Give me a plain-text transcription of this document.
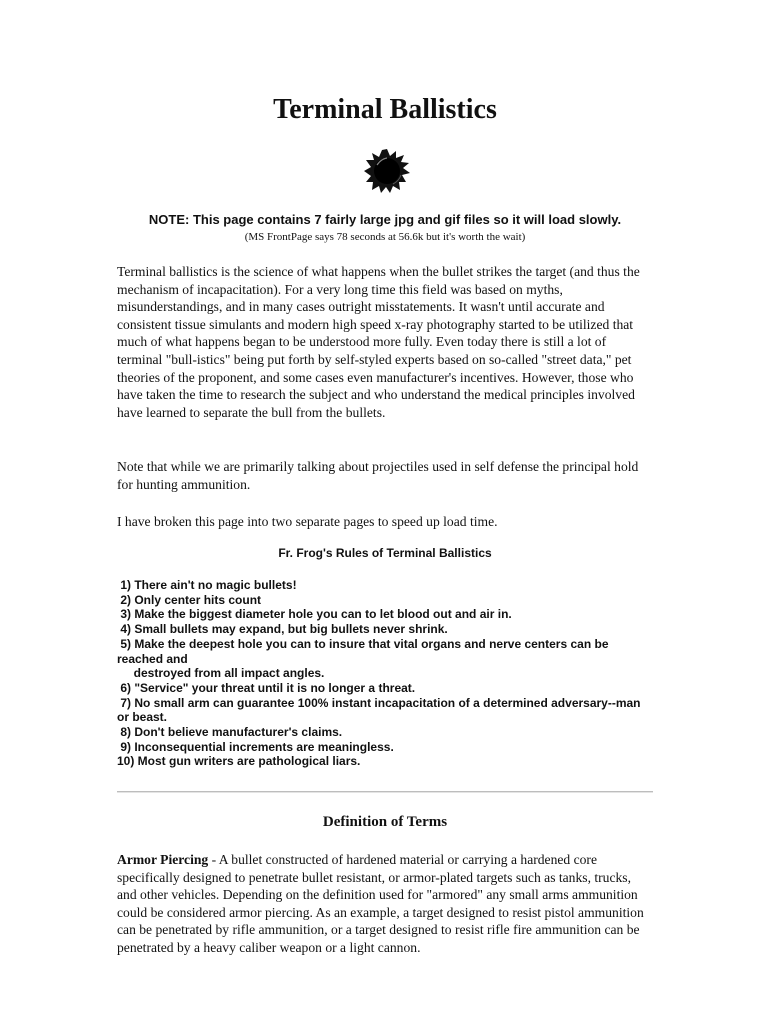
Terminal Ballistics
NOTE: This page contains 7 fairly large jpg and gif files so it will load slowly.
(MS FrontPage says 78 seconds at 56.6k but it's worth the wait)

Terminal ballistics is the science of what happens when the bullet strikes the target (and thus the mechanism of incapacitation). For a very long time this field was based on myths, misunderstandings, and in many cases outright misstatements. It wasn't until accurate and consistent tissue simulants and modern high speed x-ray photography started to be utilized that much of what happens began to be understood more fully. Even today there is still a lot of terminal "bull-istics" being put forth by self-styled experts based on so-called "street data," pet theories of the proponent, and some cases even manufacturer's incentives. However, those who have taken the time to research the subject and who understand the medical principles involved have learned to separate the bull from the bullets.

Note that while we are primarily talking about projectiles used in self defense the principal hold for hunting ammunition.

I have broken this page into two separate pages to speed up load time.

Fr. Frog's Rules of Terminal Ballistics
1) There ain't no magic bullets!
2) Only center hits count
3) Make the biggest diameter hole you can to let blood out and air in.
4) Small bullets may expand, but big bullets never shrink.
5) Make the deepest hole you can to insure that vital organs and nerve centers can be reached and
destroyed from all impact angles.
6) "Service" your threat until it is no longer a threat.
7) No small arm can guarantee 100% instant incapacitation of a determined adversary--man or beast.
8) Don't believe manufacturer's claims.
9) Inconsequential increments are meaningless.
10) Most gun writers are pathological liars.
Definition of Terms

Armor Piercing - A bullet constructed of hardened material or carrying a hardened core specifically designed to penetrate bullet resistant, or armor-plated targets such as tanks, trucks, and other vehicles. Depending on the definition used for "armored" any small arms ammunition could be considered armor piercing. As an example, a target designed to resist pistol ammunition can be penetrated by rifle ammunition, or a target designed to resist rifle fire ammunition can be penetrated by a heavy caliber weapon or a light cannon.
